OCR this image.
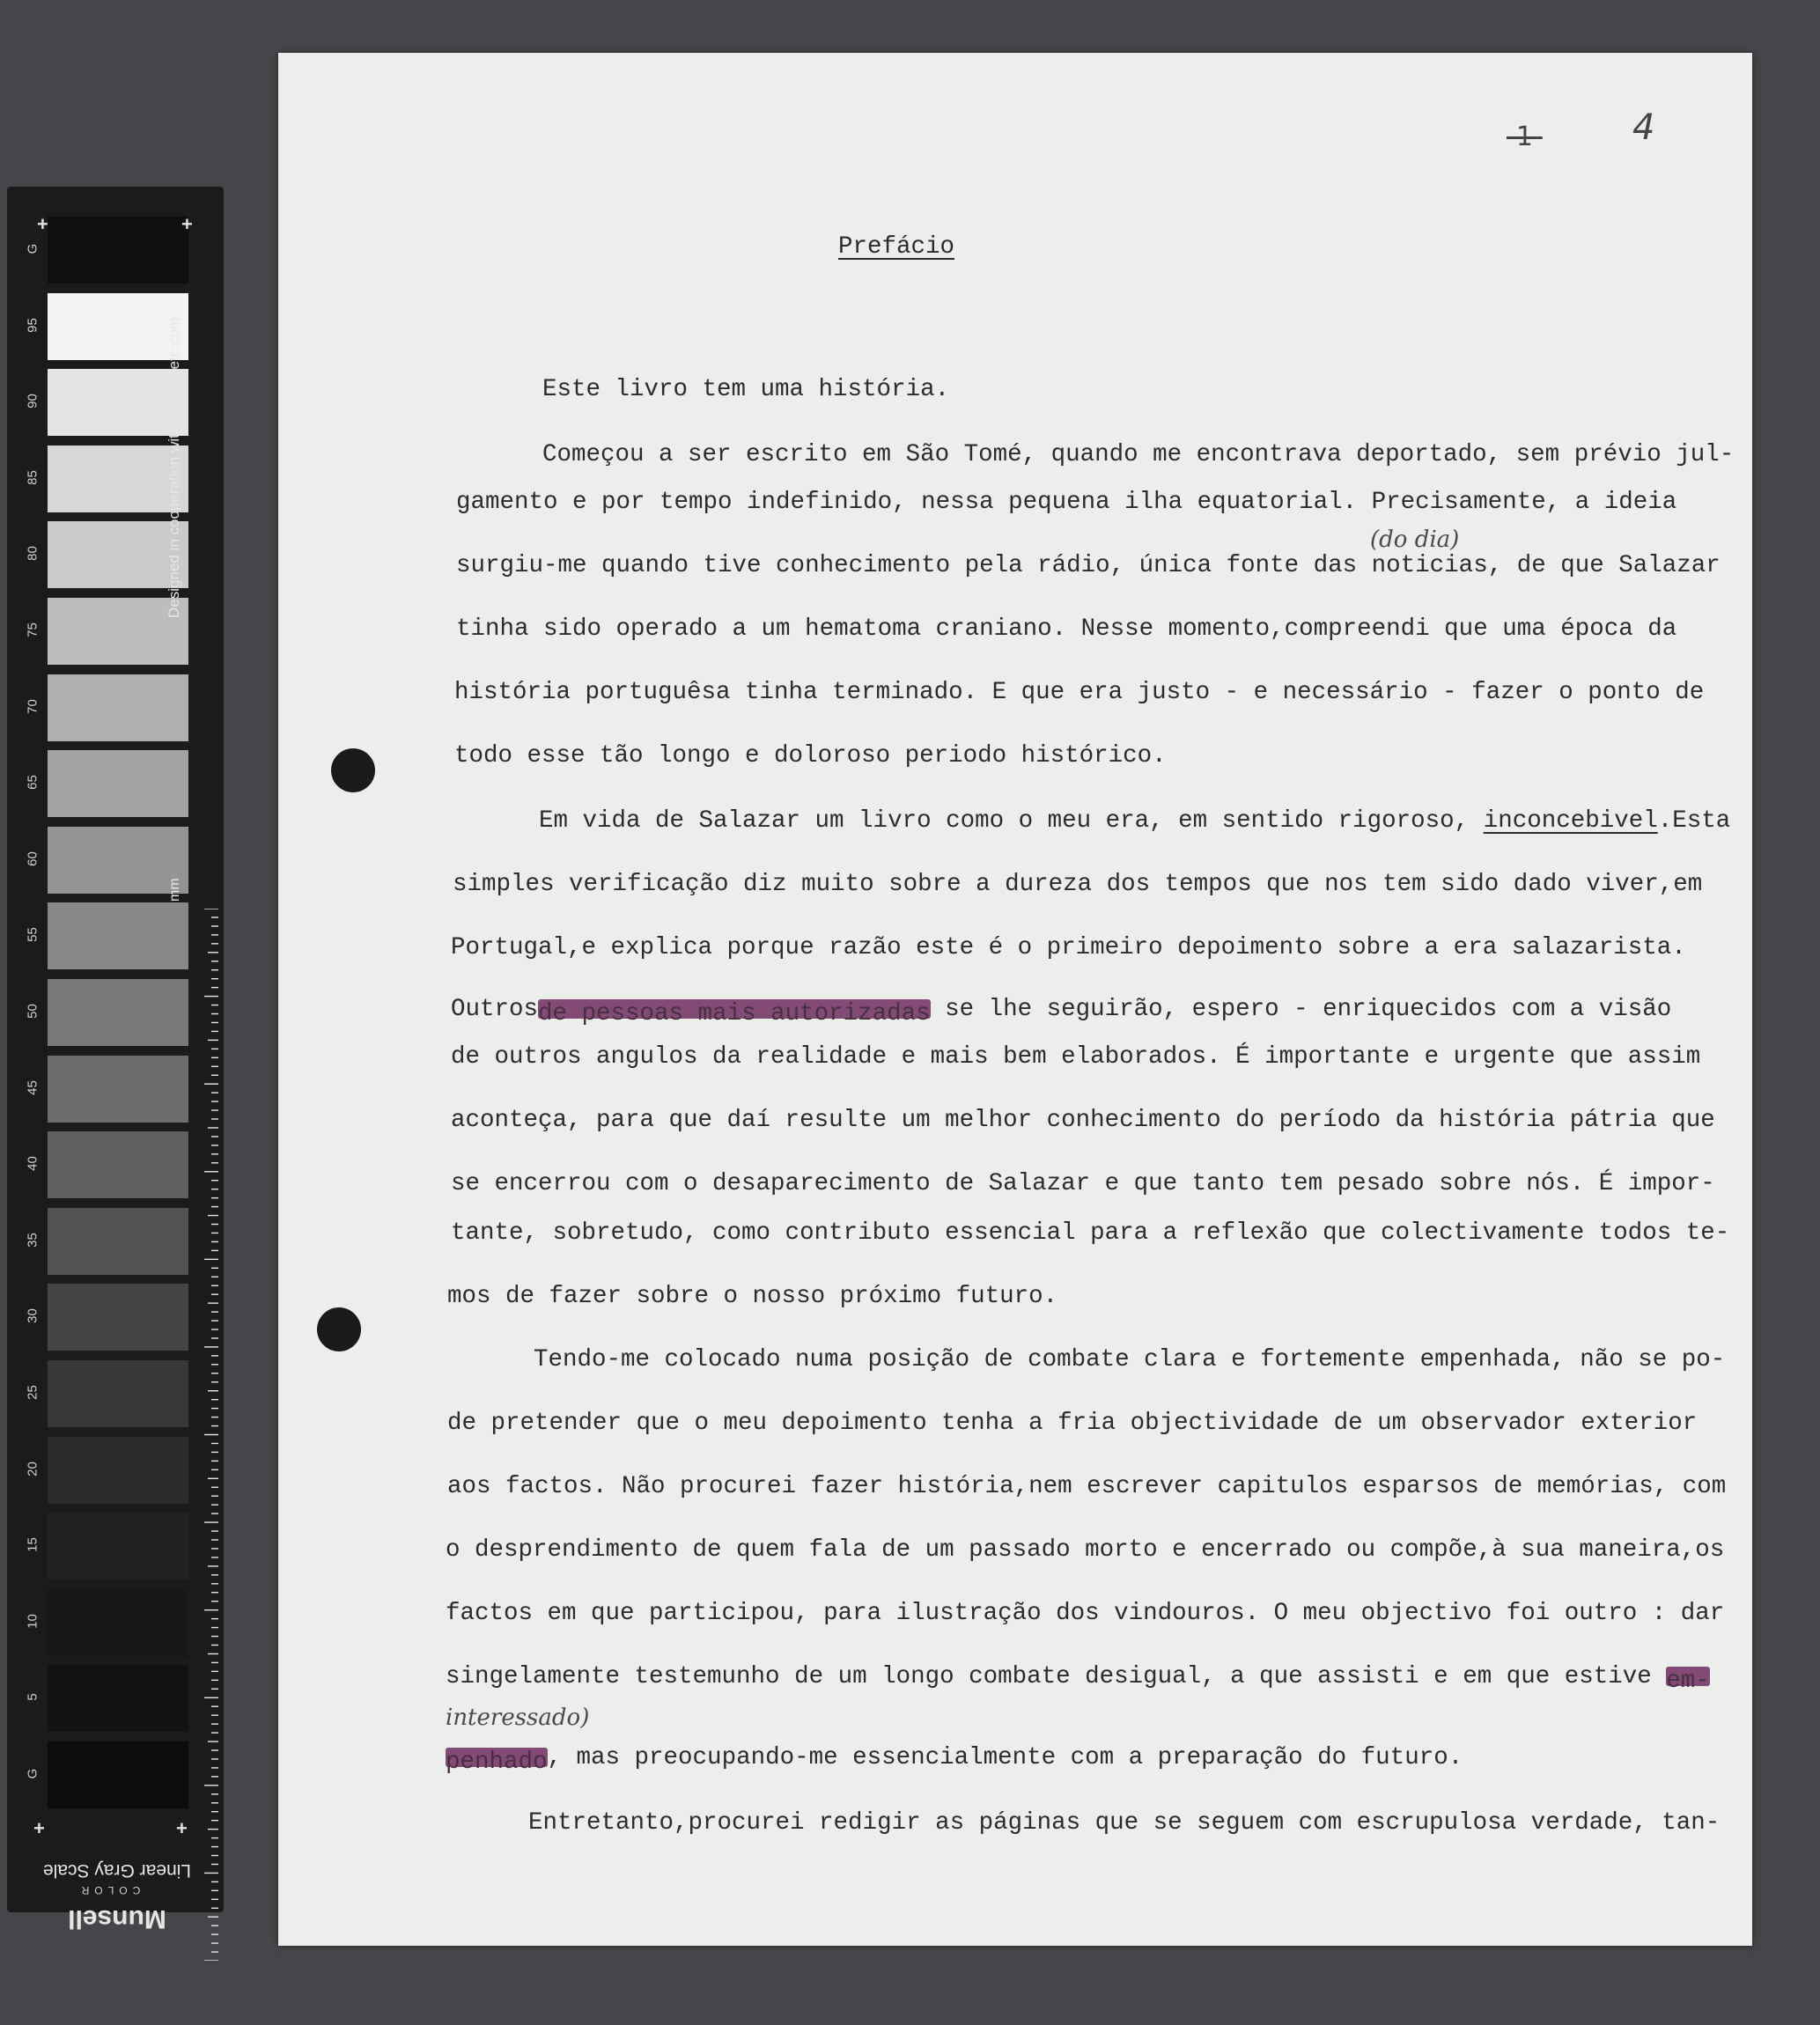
G
95
90
85
80
75
70
65
60
55
50
45
40
35
30
25
20
15
10
5
G
Designed in cooperation with imagingetc.com
mm
Linear Gray Scale
COLOR
Munsell
+	+
+	+
-1-	4
Prefácio
Este livro tem uma história.
Começou a ser escrito em São Tomé, quando me encontrava deportado, sem prévio jul-
gamento e por tempo indefinido, nessa pequena ilha equatorial. Precisamente, a ideia
(do dia)
surgiu-me quando tive conhecimento pela rádio, única fonte das noticias, de que Salazar
tinha sido operado a um hematoma craniano. Nesse momento,compreendi que uma época da
história portuguêsa tinha terminado. E que era justo - e necessário - fazer o ponto de
todo esse tão longo e doloroso periodo histórico.
Em vida de Salazar um livro como o meu era, em sentido rigoroso, inconcebivel.Esta
simples verificação diz muito sobre a dureza dos tempos que nos tem sido dado viver,em
Portugal,e explica porque razão este é o primeiro depoimento sobre a era salazarista.
Outrosde pessoas mais autorizadas se lhe seguirão, espero - enriquecidos com a visão
de outros angulos da realidade e mais bem elaborados. É importante e urgente que assim
aconteça, para que daí resulte um melhor conhecimento do período da história pátria que
se encerrou com o desaparecimento de Salazar e que tanto tem pesado sobre nós. É impor-
tante, sobretudo, como contributo essencial para a reflexão que colectivamente todos te-
mos de fazer sobre o nosso próximo futuro.
Tendo-me colocado numa posição de combate clara e fortemente empenhada, não se po-
de pretender que o meu depoimento tenha a fria objectividade de um observador exterior
aos factos. Não procurei fazer história,nem escrever capitulos esparsos de memórias, com
o desprendimento de quem fala de um passado morto e encerrado ou compõe,à sua maneira,os
factos em que participou, para ilustração dos vindouros. O meu objectivo foi outro : dar
singelamente testemunho de um longo combate desigual, a que assisti e em que estive em-
interessado)
penhado, mas preocupando-me essencialmente com a preparação do futuro.
Entretanto,procurei redigir as páginas que se seguem com escrupulosa verdade, tan-
